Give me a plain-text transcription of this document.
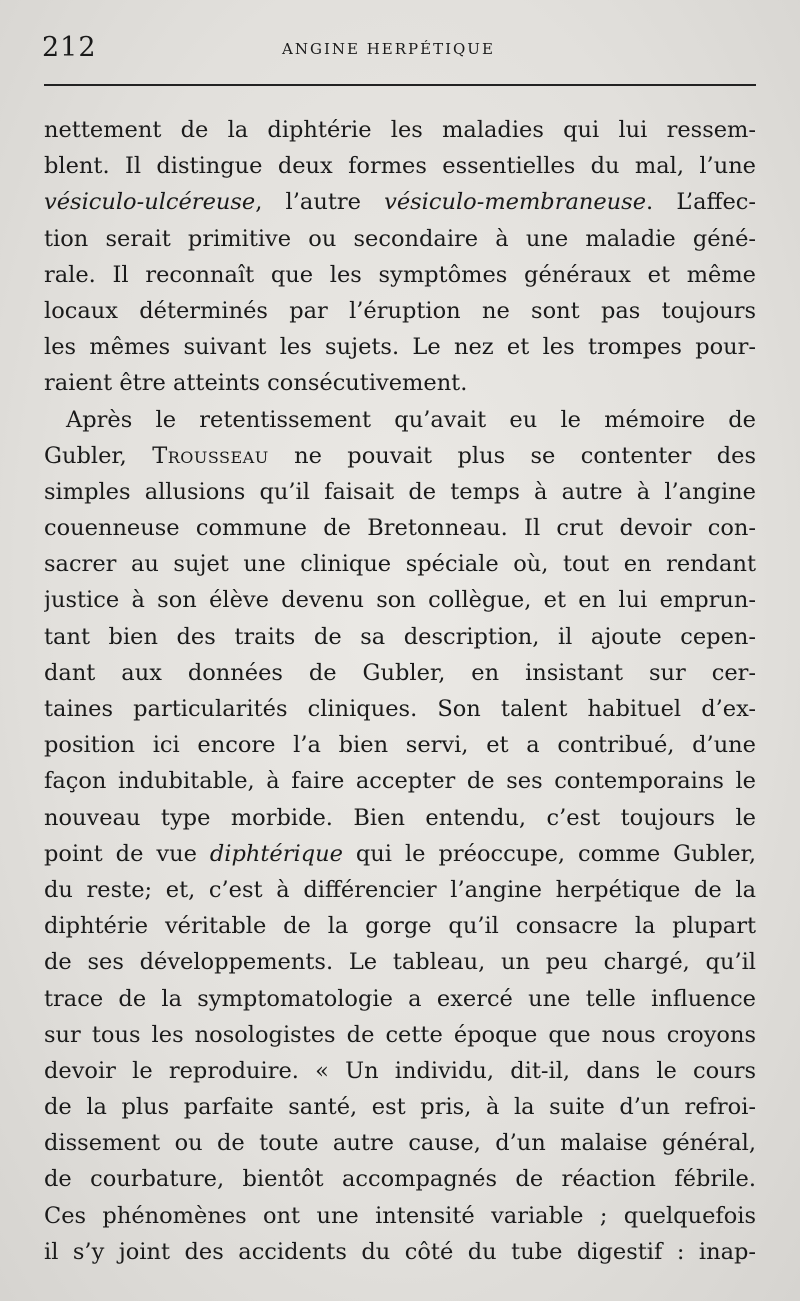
212	ANGINE HERPÉTIQUE
nettement de la diphtérie les maladies qui lui ressem-
blent. Il distingue deux formes essentielles du mal, l’une
vésiculo-ulcéreuse, l’autre vésiculo-membraneuse. L’affec-
tion serait primitive ou secondaire à une maladie géné-
rale. Il reconnaît que les symptômes généraux et même
locaux déterminés par l’éruption ne sont pas toujours
les mêmes suivant les sujets. Le nez et les trompes pour-
raient être atteints consécutivement.
Après le retentissement qu’avait eu le mémoire de
Gubler, Trousseau ne pouvait plus se contenter des
simples allusions qu’il faisait de temps à autre à l’angine
couenneuse commune de Bretonneau. Il crut devoir con-
sacrer au sujet une clinique spéciale où, tout en rendant
justice à son élève devenu son collègue, et en lui emprun-
tant bien des traits de sa description, il ajoute cepen-
dant aux données de Gubler, en insistant sur cer-
taines particularités cliniques. Son talent habituel d’ex-
position ici encore l’a bien servi, et a contribué, d’une
façon indubitable, à faire accepter de ses contemporains le
nouveau type morbide. Bien entendu, c’est toujours le
point de vue diphtérique qui le préoccupe, comme Gubler,
du reste; et, c’est à différencier l’angine herpétique de la
diphtérie véritable de la gorge qu’il consacre la plupart
de ses développements. Le tableau, un peu chargé, qu’il
trace de la symptomatologie a exercé une telle influence
sur tous les nosologistes de cette époque que nous croyons
devoir le reproduire. « Un individu, dit-il, dans le cours
de la plus parfaite santé, est pris, à la suite d’un refroi-
dissement ou de toute autre cause, d’un malaise général,
de courbature, bientôt accompagnés de réaction fébrile.
Ces phénomènes ont une intensité variable ; quelquefois
il s’y joint des accidents du côté du tube digestif : inap-
